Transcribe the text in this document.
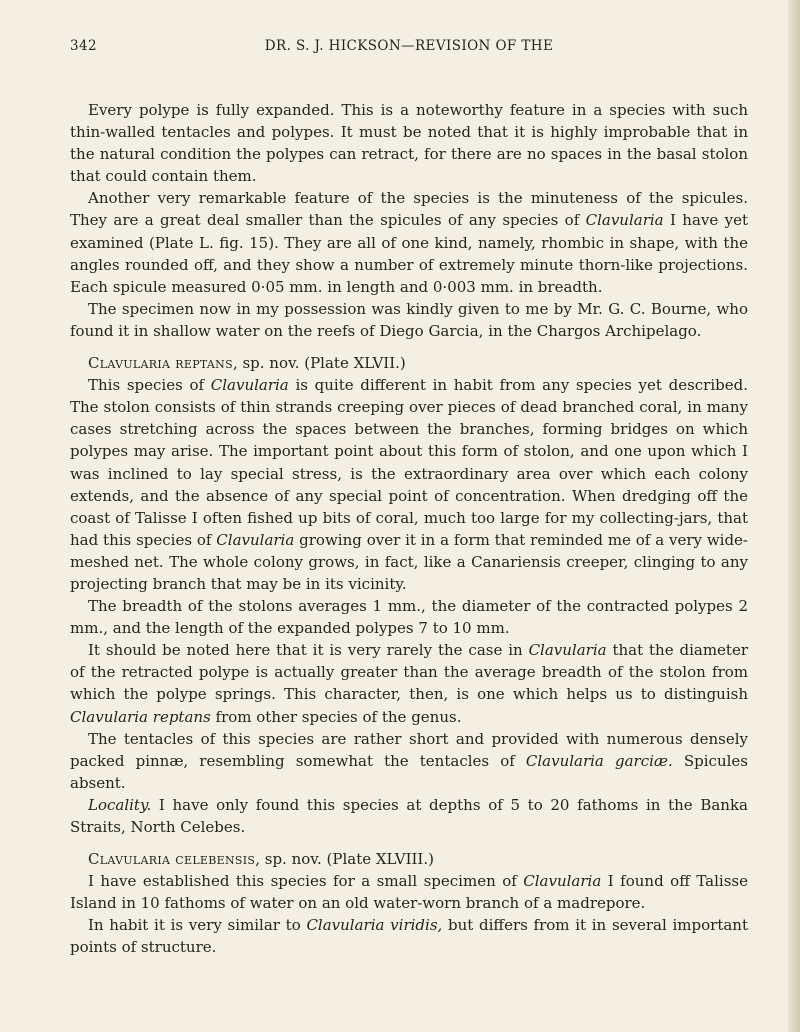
342	DR. S. J. HICKSON—REVISION OF THE

Every polype is fully expanded. This is a noteworthy feature in a species with such thin-walled tentacles and polypes. It must be noted that it is highly improbable that in the natural condition the polypes can retract, for there are no spaces in the basal stolon that could contain them.

Another very remarkable feature of the species is the minuteness of the spicules. They are a great deal smaller than the spicules of any species of Clavularia I have yet examined (Plate L. fig. 15). They are all of one kind, namely, rhombic in shape, with the angles rounded off, and they show a number of extremely minute thorn-like projections. Each spicule measured 0·05 mm. in length and 0·003 mm. in breadth.

The specimen now in my possession was kindly given to me by Mr. G. C. Bourne, who found it in shallow water on the reefs of Diego Garcia, in the Chargos Archipelago.

Clavularia reptans, sp. nov. (Plate XLVII.)

This species of Clavularia is quite different in habit from any species yet described. The stolon consists of thin strands creeping over pieces of dead branched coral, in many cases stretching across the spaces between the branches, forming bridges on which polypes may arise. The important point about this form of stolon, and one upon which I was inclined to lay special stress, is the extraordinary area over which each colony extends, and the absence of any special point of concentration. When dredging off the coast of Talisse I often fished up bits of coral, much too large for my collecting-jars, that had this species of Clavularia growing over it in a form that reminded me of a very wide-meshed net. The whole colony grows, in fact, like a Canariensis creeper, clinging to any projecting branch that may be in its vicinity.

The breadth of the stolons averages 1 mm., the diameter of the contracted polypes 2 mm., and the length of the expanded polypes 7 to 10 mm.

It should be noted here that it is very rarely the case in Clavularia that the diameter of the retracted polype is actually greater than the average breadth of the stolon from which the polype springs. This character, then, is one which helps us to distinguish Clavularia reptans from other species of the genus.

The tentacles of this species are rather short and provided with numerous densely packed pinnæ, resembling somewhat the tentacles of Clavularia garciæ. Spicules absent.

Locality. I have only found this species at depths of 5 to 20 fathoms in the Banka Straits, North Celebes.

Clavularia celebensis, sp. nov. (Plate XLVIII.)

I have established this species for a small specimen of Clavularia I found off Talisse Island in 10 fathoms of water on an old water-worn branch of a madrepore.

In habit it is very similar to Clavularia viridis, but differs from it in several important points of structure.
